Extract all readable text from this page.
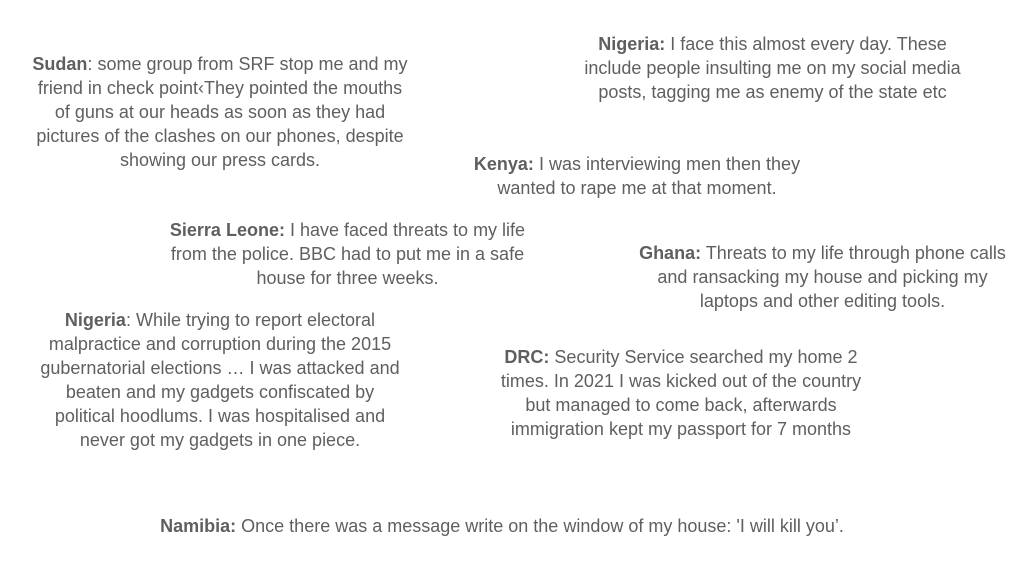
Nigeria: I face this almost every day. These include people insulting me on my social media posts, tagging me as enemy of the state etc
Sudan: some group from SRF stop me and my friend in check point‹They pointed the mouths of guns at our heads as soon as they had pictures of the clashes on our phones, despite showing our press cards.	Kenya: I was interviewing men then they wanted to rape me at that moment.
Sierra Leone: I have faced threats to my life from the police. BBC had to put me in a safe house for three weeks.
Ghana: Threats to my life through phone calls and ransacking my house and picking my laptops and other editing tools.
Nigeria: While trying to report electoral malpractice and corruption during the 2015 gubernatorial elections … I was attacked and beaten and my gadgets confiscated by political hoodlums. I was hospitalised and never got my gadgets in one piece.
DRC: Security Service searched my home 2 times. In 2021 I was kicked out of the country but managed to come back, afterwards immigration kept my passport for 7 months
Namibia: Once there was a message write on the window of my house: 'I will kill you’.
